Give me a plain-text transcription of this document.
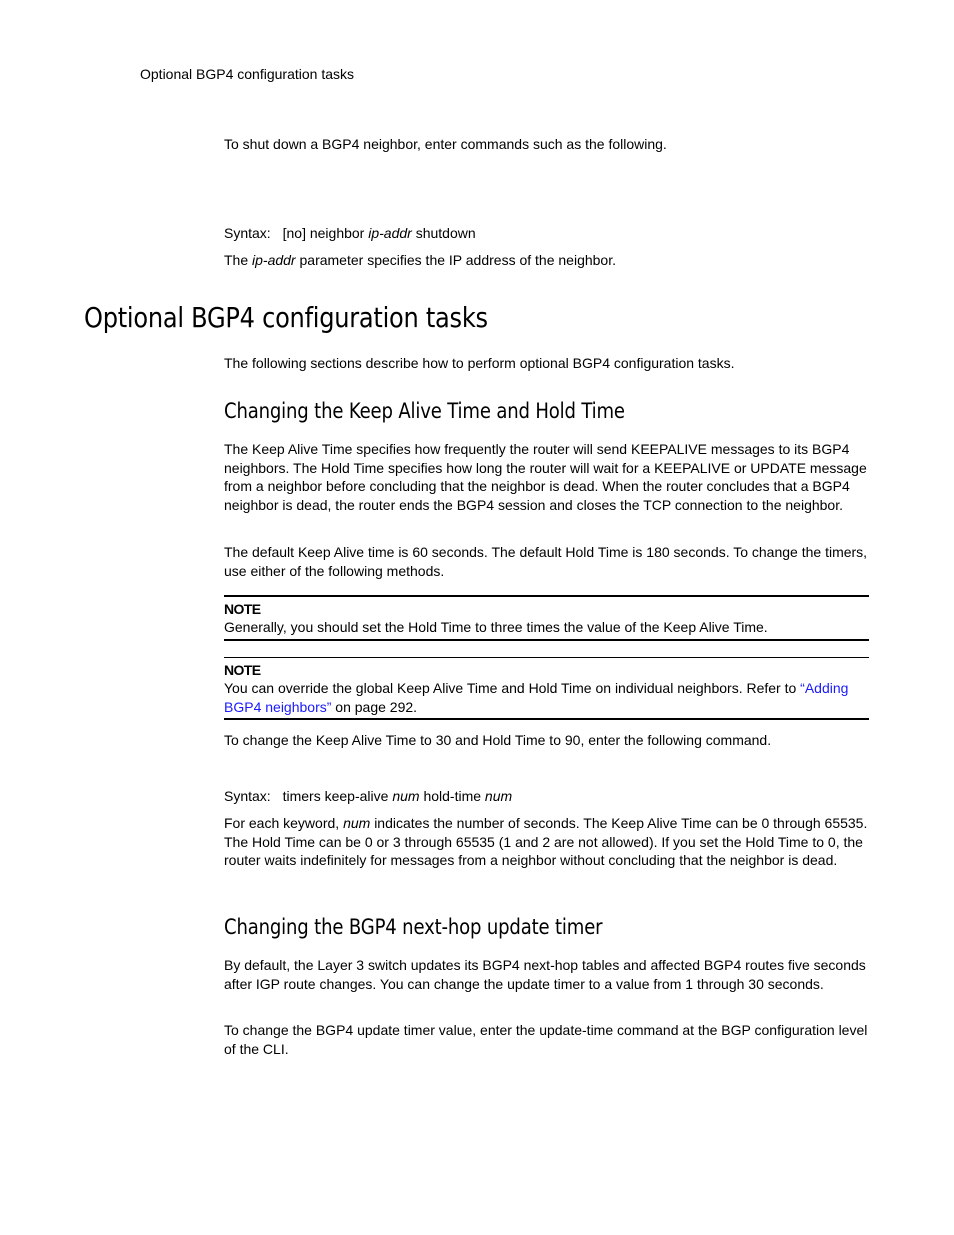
Optional BGP4 configuration tasks

To shut down a BGP4 neighbor, enter commands such as the following.

Syntax: [no] neighbor ip-addr shutdown

The ip-addr parameter specifies the IP address of the neighbor.

Optional BGP4 configuration tasks

The following sections describe how to perform optional BGP4 configuration tasks.

Changing the Keep Alive Time and Hold Time

The Keep Alive Time specifies how frequently the router will send KEEPALIVE messages to its BGP4 neighbors. The Hold Time specifies how long the router will wait for a KEEPALIVE or UPDATE message from a neighbor before concluding that the neighbor is dead. When the router concludes that a BGP4 neighbor is dead, the router ends the BGP4 session and closes the TCP connection to the neighbor.

The default Keep Alive time is 60 seconds. The default Hold Time is 180 seconds. To change the timers, use either of the following methods.

NOTE
Generally, you should set the Hold Time to three times the value of the Keep Alive Time.
NOTE
You can override the global Keep Alive Time and Hold Time on individual neighbors. Refer to “Adding BGP4 neighbors” on page 292.

To change the Keep Alive Time to 30 and Hold Time to 90, enter the following command.

Syntax: timers keep-alive num hold-time num

For each keyword, num indicates the number of seconds. The Keep Alive Time can be 0 through 65535. The Hold Time can be 0 or 3 through 65535 (1 and 2 are not allowed). If you set the Hold Time to 0, the router waits indefinitely for messages from a neighbor without concluding that the neighbor is dead.

Changing the BGP4 next-hop update timer

By default, the Layer 3 switch updates its BGP4 next-hop tables and affected BGP4 routes five seconds after IGP route changes. You can change the update timer to a value from 1 through 30 seconds.

To change the BGP4 update timer value, enter the update-time command at the BGP configuration level of the CLI.
